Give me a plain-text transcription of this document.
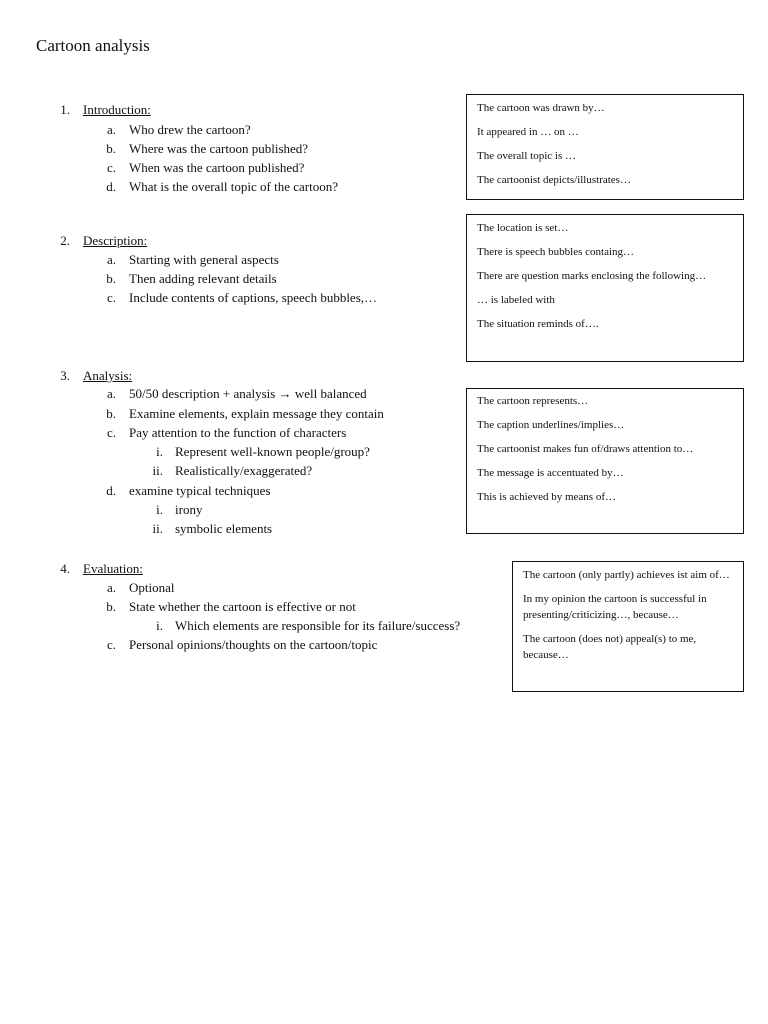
Cartoon analysis
1. Introduction:
a. Who drew the cartoon?
b. Where was the cartoon published?
c. When was the cartoon published?
d. What is the overall topic of the cartoon?
2. Description:
a. Starting with general aspects
b. Then adding relevant details
c. Include contents of captions, speech bubbles,…
3. Analysis:
a. 50/50 description + analysis → well balanced
b. Examine elements, explain message they contain
c. Pay attention to the function of characters
i. Represent well-known people/group?
ii. Realistically/exaggerated?
d. examine typical techniques
i. irony
ii. symbolic elements
4. Evaluation:
a. Optional
b. State whether the cartoon is effective or not
i. Which elements are responsible for its failure/success?
c. Personal opinions/thoughts on the cartoon/topic

The cartoon was drawn by…

It appeared in … on …

The overall topic is …

The cartoonist depicts/illustrates…

The location is set…

There is speech bubbles containg…

There are question marks enclosing the following…

… is labeled with

The situation reminds of….

The cartoon represents…

The caption underlines/implies…

The cartoonist makes fun of/draws attention to…

The message is accentuated by…

This is achieved by means of…

The cartoon (only partly) achieves ist aim of…

In my opinion the cartoon is successful in presenting/criticizing…, because…

The cartoon (does not) appeal(s) to me, because…
